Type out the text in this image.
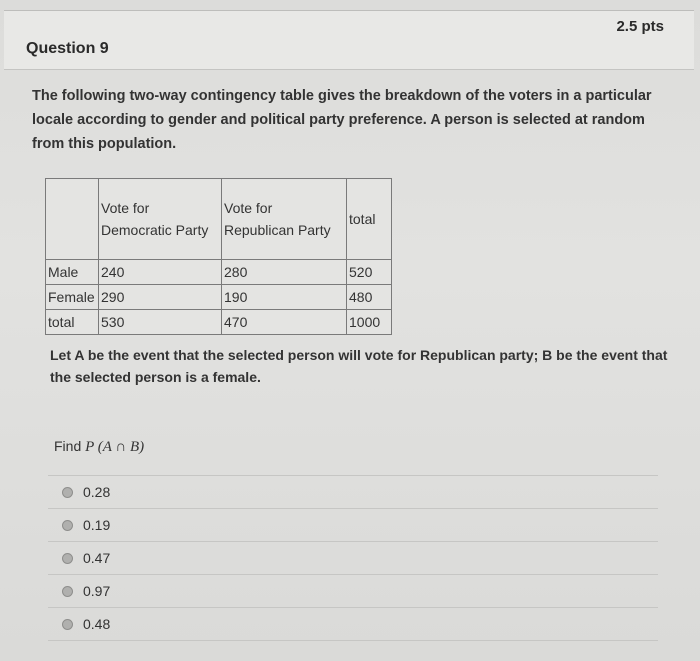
Question 9
2.5 pts
The following two-way contingency table gives the breakdown of the voters in a particular locale according to gender and political party preference. A person is selected at random from this population.
	Vote for Democratic Party	Vote for Republican Party	total
Male	240	280	520
Female	290	190	480
total	530	470	1000
Let A be the event that the selected person will vote for Republican party; B be the event that the selected person is a female.
Find P (A ∩ B)
0.28
0.19
0.47
0.97
0.48
